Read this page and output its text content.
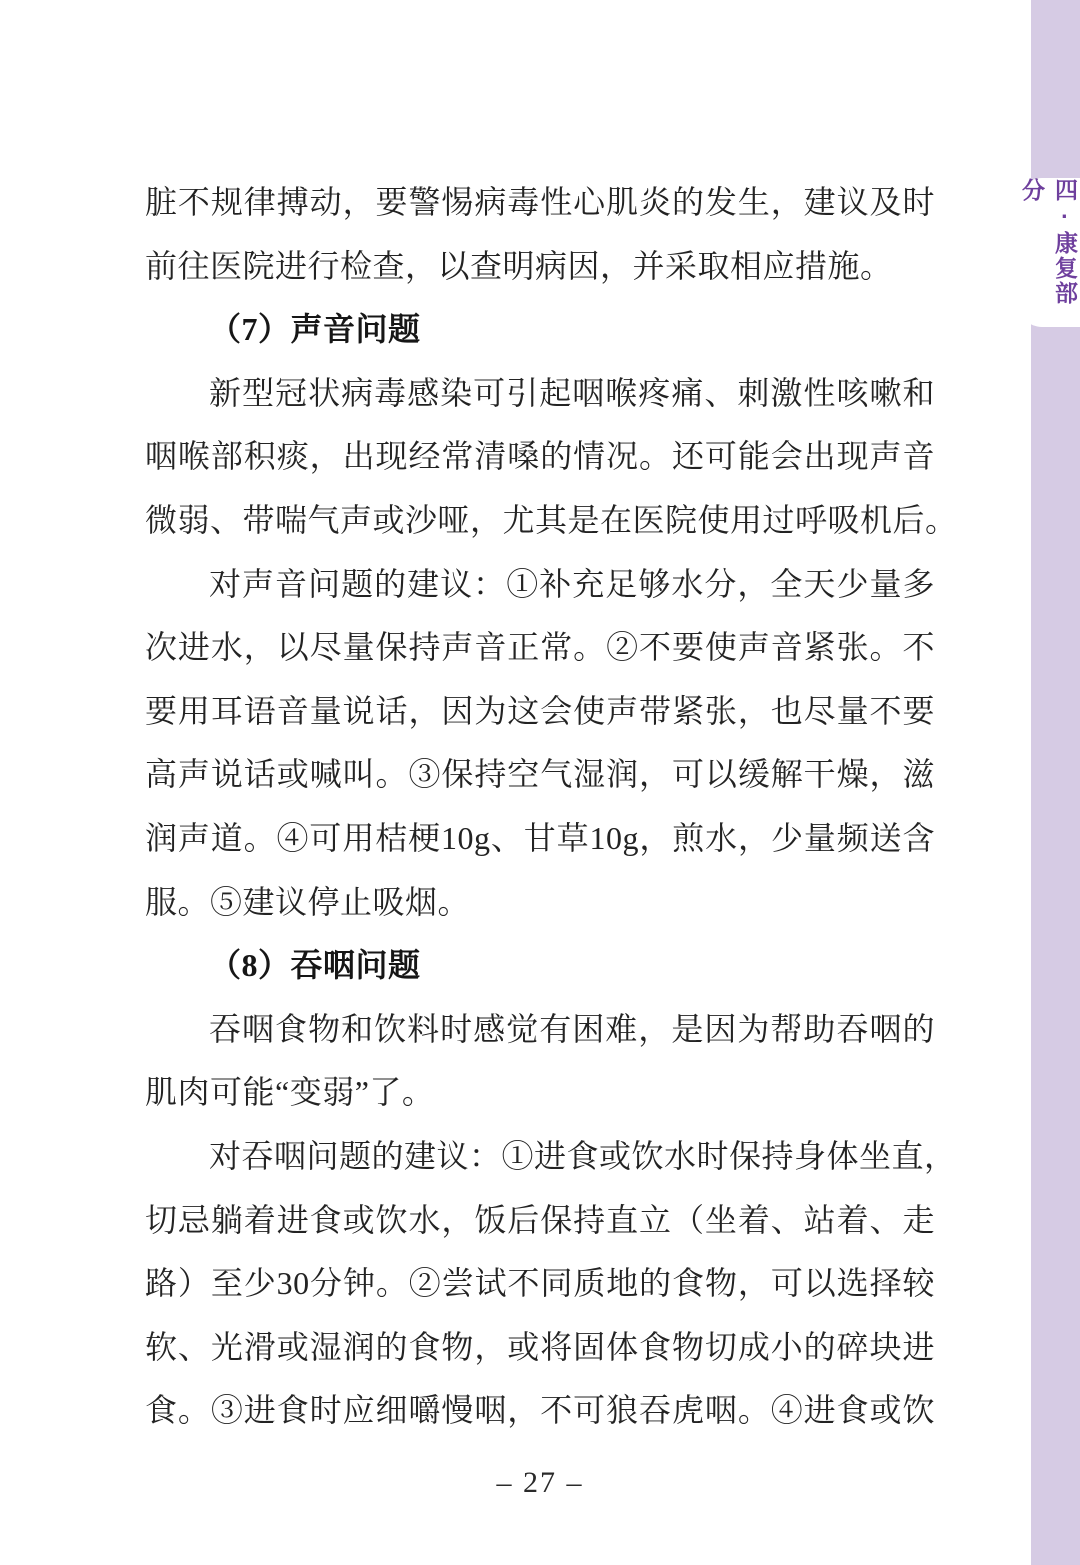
四·康复部分
脏不规律搏动，要警惕病毒性心肌炎的发生，建议及时
前往医院进行检查，以查明病因，并采取相应措施。
（7）声音问题
新型冠状病毒感染可引起咽喉疼痛、刺激性咳嗽和
咽喉部积痰，出现经常清嗓的情况。还可能会出现声音
微弱、带喘气声或沙哑，尤其是在医院使用过呼吸机后。
对声音问题的建议：①补充足够水分，全天少量多
次进水，以尽量保持声音正常。②不要使声音紧张。不
要用耳语音量说话，因为这会使声带紧张，也尽量不要
高声说话或喊叫。③保持空气湿润，可以缓解干燥，滋
润声道。④可用桔梗10g、甘草10g，煎水，少量频送含
服。⑤建议停止吸烟。
（8）吞咽问题
吞咽食物和饮料时感觉有困难，是因为帮助吞咽的
肌肉可能“变弱”了。
对吞咽问题的建议：①进食或饮水时保持身体坐直，
切忌躺着进食或饮水，饭后保持直立（坐着、站着、走
路）至少30分钟。②尝试不同质地的食物，可以选择较
软、光滑或湿润的食物，或将固体食物切成小的碎块进
食。③进食时应细嚼慢咽，不可狼吞虎咽。④进食或饮
– 27 –
